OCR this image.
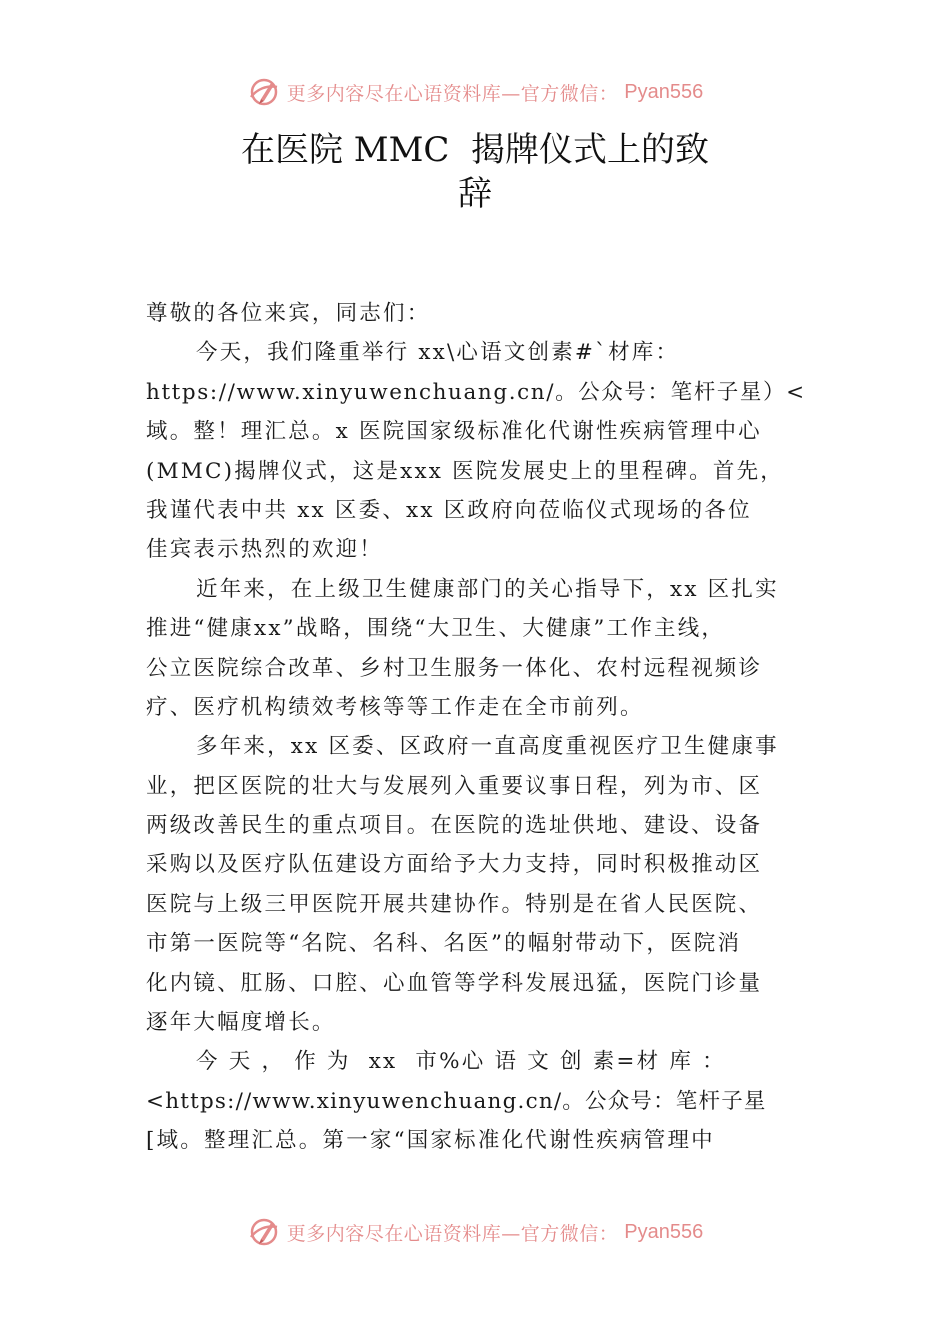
更多内容尽在心语资料库—官方微信： Pyan556
在医院 MMC  揭牌仪式上的致
辞
尊敬的各位来宾，同志们：
今天，我们隆重举行 xx\心语文创素#`材库：
https://www.xinyuwenchuang.cn/。公众号：笔杆子星）<
域。整！理汇总。x 医院国家级标准化代谢性疾病管理中心
(MMC)揭牌仪式，这是xxx 医院发展史上的里程碑。首先，
我谨代表中共 xx 区委、xx 区政府向莅临仪式现场的各位
佳宾表示热烈的欢迎！
近年来，在上级卫生健康部门的关心指导下，xx 区扎实
推进“健康xx”战略，围绕“大卫生、大健康”工作主线，
公立医院综合改革、乡村卫生服务一体化、农村远程视频诊
疗、医疗机构绩效考核等等工作走在全市前列。
多年来，xx 区委、区政府一直高度重视医疗卫生健康事
业，把区医院的壮大与发展列入重要议事日程，列为市、区
两级改善民生的重点项目。在医院的选址供地、建设、设备
采购以及医疗队伍建设方面给予大力支持，同时积极推动区
医院与上级三甲医院开展共建协作。特别是在省人民医院、
市第一医院等“名院、名科、名医”的幅射带动下，医院消
化内镜、肛肠、口腔、心血管等学科发展迅猛，医院门诊量
逐年大幅度增长。
今 天 ， 作 为  xx  市%心 语 文 创 素=材 库 ：
<https://www.xinyuwenchuang.cn/。公众号：笔杆子星
[域。整理汇总。第一家“国家标准化代谢性疾病管理中
更多内容尽在心语资料库—官方微信： Pyan556
